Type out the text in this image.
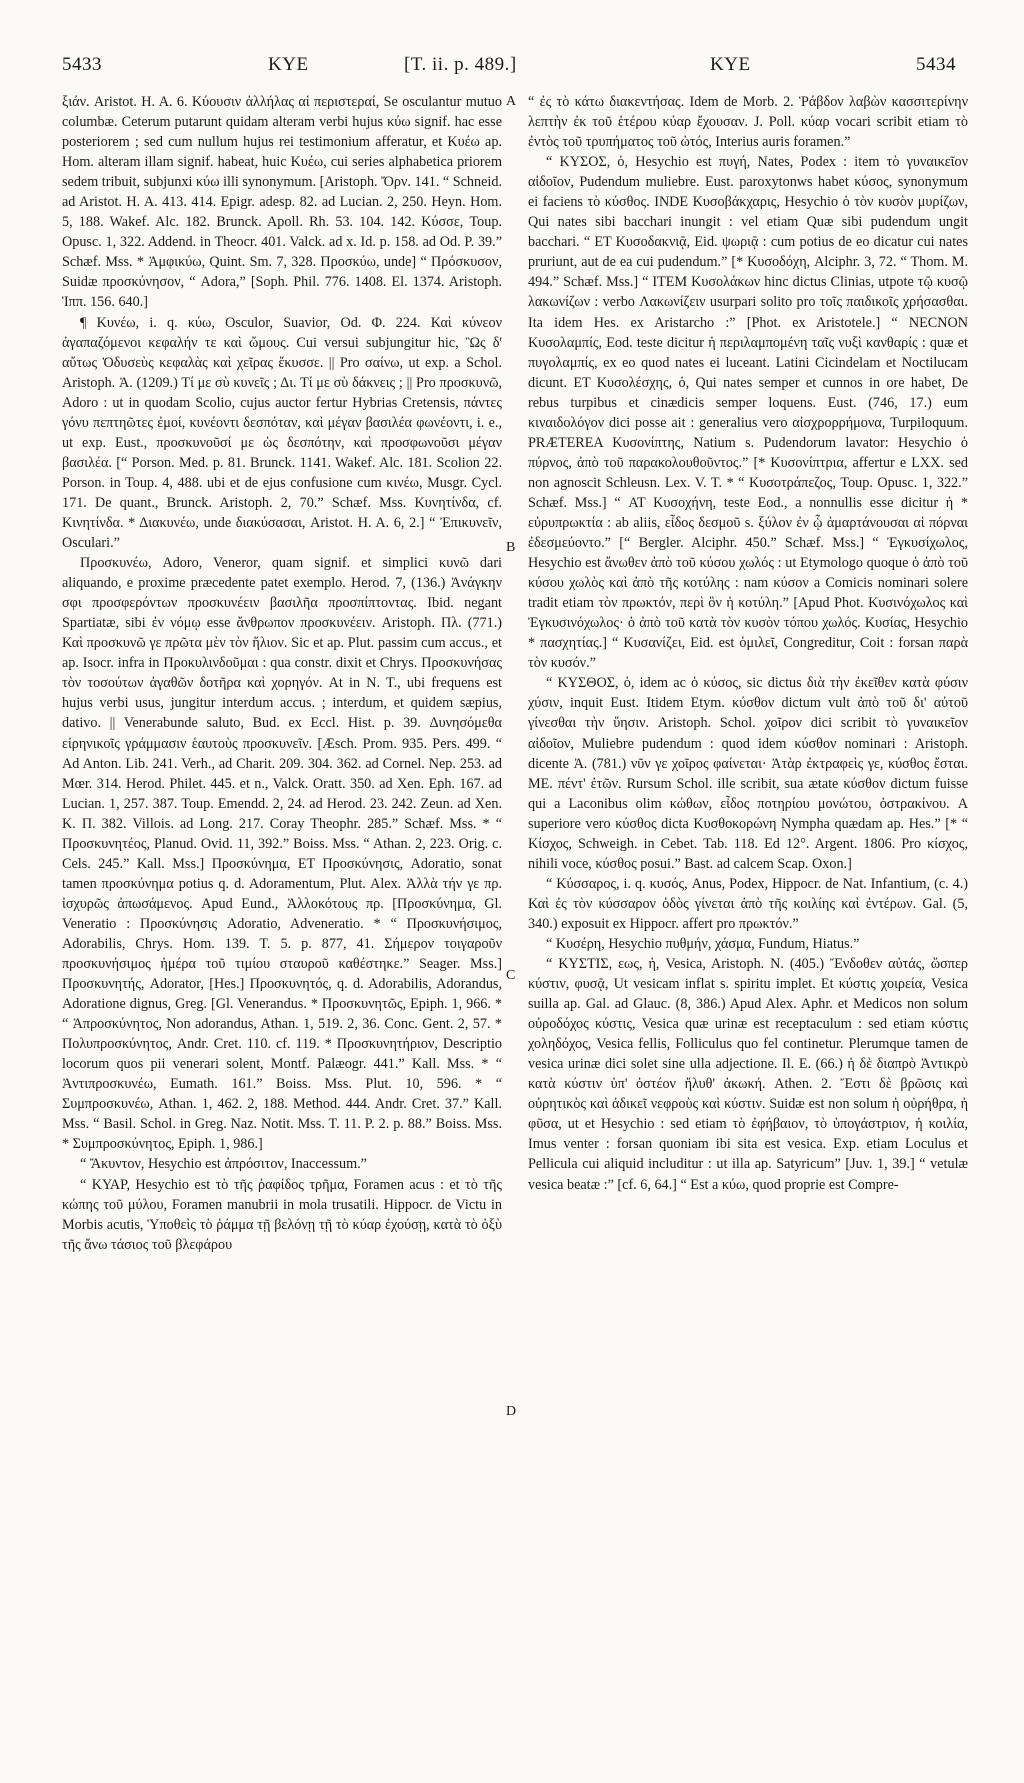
5433	ΚΥΕ	[T. ii. p. 489.]	ΚΥΕ	5434
A
B
C
D

ξιάν. Aristot. H. A. 6. Κύουσιν ἀλλήλας αἱ περιστεραί, Se osculantur mutuo columbæ. Ceterum putarunt quidam alteram verbi hujus κύω signif. hac esse posteriorem ; sed cum nullum hujus rei testimonium afferatur, et Κυέω ap. Hom. alteram illam signif. habeat, huic Κυέω, cui series alphabetica priorem sedem tribuit, subjunxi κύω illi synonymum. [Aristoph. Ὄρν. 141. “ Schneid. ad Aristot. H. A. 413. 414. Epigr. adesp. 82. ad Lucian. 2, 250. Heyn. Hom. 5, 188. Wakef. Alc. 182. Brunck. Apoll. Rh. 53. 104. 142. Κύσσε, Toup. Opusc. 1, 322. Addend. in Theocr. 401. Valck. ad x. Id. p. 158. ad Od. P. 39.” Schæf. Mss. * Ἀμφικύω, Quint. Sm. 7, 328. Προσκύω, unde] “ Πρόσκυσον, Suidæ προσκύνησον, “ Adora,” [Soph. Phil. 776. 1408. El. 1374. Aristoph. Ἱππ. 156. 640.]

¶ Κυνέω, i. q. κύω, Osculor, Suavior, Od. Φ. 224. Καὶ κύνεον ἀγαπαζόμενοι κεφαλήν τε καὶ ὤμους. Cui versui subjungitur hic, Ὣς δ' αὔτως Ὀδυσεὺς κεφαλὰς καὶ χεῖρας ἔκυσσε. || Pro σαίνω, ut exp. a Schol. Aristoph. Ἀ. (1209.) Τί με σὺ κυνεῖς ; Δι. Τί με σὺ δάκνεις ; || Pro προσκυνῶ, Adoro : ut in quodam Scolio, cujus auctor fertur Hybrias Cretensis, πάντες γόνυ πεπτηῶτες ἐμοί, κυνέοντι δεσπόταν, καὶ μέγαν βασιλέα φωνέοντι, i. e., ut exp. Eust., προσκυνοῦσί με ὡς δεσπότην, καὶ προσφωνοῦσι μέγαν βασιλέα. [“ Porson. Med. p. 81. Brunck. 1141. Wakef. Alc. 181. Scolion 22. Porson. in Toup. 4, 488. ubi et de ejus confusione cum κινέω, Musgr. Cycl. 171. De quant., Brunck. Aristoph. 2, 70.” Schæf. Mss. Κυνητίνδα, cf. Κινητίνδα. * Διακυνέω, unde διακύσασαι, Aristot. H. A. 6, 2.] “ Ἐπικυνεῖν, Osculari.”

Προσκυνέω, Adoro, Veneror, quam signif. et simplici κυνῶ dari aliquando, e proxime præcedente patet exemplo. Herod. 7, (136.) Ἀνάγκην σφι προσφερόντων προσκυνέειν βασιλῆα προσπίπτοντας. Ibid. negant Spartiatæ, sibi ἐν νόμῳ esse ἄνθρωπον προσκυνέειν. Aristoph. Πλ. (771.) Καὶ προσκυνῶ γε πρῶτα μὲν τὸν ἥλιον. Sic et ap. Plut. passim cum accus., et ap. Isocr. infra in Προκυλινδοῦμαι : qua constr. dixit et Chrys. Προσκυνήσας τὸν τοσούτων ἀγαθῶν δοτῆρα καὶ χορηγόν. At in N. T., ubi frequens est hujus verbi usus, jungitur interdum accus. ; interdum, et quidem sæpius, dativo. || Venerabunde saluto, Bud. ex Eccl. Hist. p. 39. Δυνησόμεθα εἰρηνικοῖς γράμμασιν ἑαυτοὺς προσκυνεῖν. [Æsch. Prom. 935. Pers. 499. “ Ad Anton. Lib. 241. Verh., ad Charit. 209. 304. 362. ad Cornel. Nep. 253. ad Mœr. 314. Herod. Philet. 445. et n., Valck. Oratt. 350. ad Xen. Eph. 167. ad Lucian. 1, 257. 387. Toup. Emendd. 2, 24. ad Herod. 23. 242. Zeun. ad Xen. K. Π. 382. Villois. ad Long. 217. Coray Theophr. 285.” Schæf. Mss. * “ Προσκυνητέος, Planud. Ovid. 11, 392.” Boiss. Mss. “ Athan. 2, 223. Orig. c. Cels. 245.” Kall. Mss.] Προσκύνημα, ET Προσκύνησις, Adoratio, sonat tamen προσκύνημα potius q. d. Adoramentum, Plut. Alex. Ἀλλὰ τήν γε πρ. ἰσχυρῶς ἀπωσάμενος. Apud Eund., Ἀλλοκότους πρ. [Προσκύνημα, Gl. Veneratio : Προσκύνησις Adoratio, Adveneratio. * “ Προσκυνήσιμος, Adorabilis, Chrys. Hom. 139. T. 5. p. 877, 41. Σήμερον τοιγαροῦν προσκυνήσιμος ἡμέρα τοῦ τιμίου σταυροῦ καθέστηκε.” Seager. Mss.] Προσκυνητής, Adorator, [Hes.] Προσκυνητός, q. d. Adorabilis, Adorandus, Adoratione dignus, Greg. [Gl. Venerandus. * Προσκυνητῶς, Epiph. 1, 966. * “ Ἀπροσκύνητος, Non adorandus, Athan. 1, 519. 2, 36. Conc. Gent. 2, 57. * Πολυπροσκύνητος, Andr. Cret. 110. cf. 119. * Προσκυνητήριον, Descriptio locorum quos pii venerari solent, Montf. Palæogr. 441.” Kall. Mss. * “ Ἀντιπροσκυνέω, Eumath. 161.” Boiss. Mss. Plut. 10, 596. * “ Συμπροσκυνέω, Athan. 1, 462. 2, 188. Method. 444. Andr. Cret. 37.” Kall. Mss. “ Basil. Schol. in Greg. Naz. Notit. Mss. T. 11. P. 2. p. 88.” Boiss. Mss. * Συμπροσκύνητος, Epiph. 1, 986.]

“ Ἄκυντον, Hesychio est ἀπρόσιτον, Inaccessum.”

“ ΚΥΑΡ, Hesychio est τὸ τῆς ῥαφίδος τρῆμα, Foramen acus : et τὸ τῆς κώπης τοῦ μύλου, Foramen manubrii in mola trusatili. Hippocr. de Victu in Morbis acutis, Ὑποθεὶς τὸ ῥάμμα τῇ βελόνῃ τῇ τὸ κύαρ ἐχούσῃ, κατὰ τὸ ὀξὺ τῆς ἄνω τάσιος τοῦ βλεφάρου

“ ἐς τὸ κάτω διακεντήσας. Idem de Morb. 2. Ῥάβδον λαβὼν κασσιτερίνην λεπτὴν ἐκ τοῦ ἑτέρου κύαρ ἔχουσαν. J. Poll. κύαρ vocari scribit etiam τὸ ἐντὸς τοῦ τρυπήματος τοῦ ὠτός, Interius auris foramen.”

“ ΚΥΣΟΣ, ὁ, Hesychio est πυγή, Nates, Podex : item τὸ γυναικεῖον αἰδοῖον, Pudendum muliebre. Eust. paroxytonws habet κύσος, synonymum ei faciens τὸ κύσθος. INDE Κυσοβάκχαρις, Hesychio ὁ τὸν κυσὸν μυρίζων, Qui nates sibi bacchari inungit : vel etiam Quæ sibi pudendum ungit bacchari. “ ET Κυσοδακνιᾷ, Eid. ψωριᾷ : cum potius de eo dicatur cui nates pruriunt, aut de ea cui pudendum.” [* Κυσοδόχη, Alciphr. 3, 72. “ Thom. M. 494.” Schæf. Mss.] “ ITEM Κυσολάκων hinc dictus Clinias, utpote τῷ κυσῷ λακωνίζων : verbo Λακωνίζειν usurpari solito pro τοῖς παιδικοῖς χρήσασθαι. Ita idem Hes. ex Aristarcho :” [Phot. ex Aristotele.] “ NECNON Κυσολαμπίς, Eod. teste dicitur ἡ περιλαμπομένη ταῖς νυξὶ κανθαρίς : quæ et πυγολαμπίς, ex eo quod nates ei luceant. Latini Cicindelam et Noctilucam dicunt. ET Κυσολέσχης, ὁ, Qui nates semper et cunnos in ore habet, De rebus turpibus et cinædicis semper loquens. Eust. (746, 17.) eum κιναιδολόγον dici posse ait : generalius vero αἰσχρορρήμονα, Turpiloquum. PRÆTEREA Κυσονίπτης, Natium s. Pudendorum lavator: Hesychio ὁ πύρνος, ἀπὸ τοῦ παρακολουθοῦντος.” [* Κυσονίπτρια, affertur e LXX. sed non agnoscit Schleusn. Lex. V. T. * “ Κυσοτράπεζος, Toup. Opusc. 1, 322.” Schæf. Mss.] “ AT Κυσοχήνη, teste Eod., a nonnullis esse dicitur ἡ * εὐρυπρωκτία : ab aliis, εἶδος δεσμοῦ s. ξύλον ἐν ᾧ ἁμαρτάνουσαι αἱ πόρναι ἐδεσμεύοντο.” [“ Bergler. Alciphr. 450.” Schæf. Mss.] “ Ἐγκυσίχωλος, Hesychio est ἄνωθεν ἀπὸ τοῦ κύσου χωλός : ut Etymologo quoque ὁ ἀπὸ τοῦ κύσου χωλὸς καὶ ἀπὸ τῆς κοτύλης : nam κύσον a Comicis nominari solere tradit etiam τὸν πρωκτόν, περὶ ὃν ἡ κοτύλη.” [Apud Phot. Κυσινόχωλος καὶ Ἐγκυσινόχωλος· ὁ ἀπὸ τοῦ κατὰ τὸν κυσὸν τόπου χωλός. Κυσίας, Hesychio * πασχητίας.] “ Κυσανίζει, Eid. est ὁμιλεῖ, Congreditur, Coit : forsan παρὰ τὸν κυσόν.”

“ ΚΥΣΘΟΣ, ὁ, idem ac ὁ κύσος, sic dictus διὰ τὴν ἐκεῖθεν κατὰ φύσιν χύσιν, inquit Eust. Itidem Etym. κύσθον dictum vult ἀπὸ τοῦ δι' αὐτοῦ γίνεσθαι τὴν ὕησιν. Aristoph. Schol. χοῖρον dici scribit τὸ γυναικεῖον αἰδοῖον, Muliebre pudendum : quod idem κύσθον nominari : Aristoph. dicente Ἀ. (781.) νῦν γε χοῖρος φαίνεται· Ἀτὰρ ἐκτραφεὶς γε, κύσθος ἔσται. ΜΕ. πέντ' ἐτῶν. Rursum Schol. ille scribit, sua ætate κύσθον dictum fuisse qui a Laconibus olim κώθων, εἶδος ποτηρίου μονώτου, ὀστρακίνου. A superiore vero κύσθος dicta Κυσθοκορώνη Nympha quædam ap. Hes.” [* “ Κίσχος, Schweigh. in Cebet. Tab. 118. Ed 12°. Argent. 1806. Pro κίσχος, nihili voce, κύσθος posui.” Bast. ad calcem Scap. Oxon.]

“ Κύσσαρος, i. q. κυσός, Anus, Podex, Hippocr. de Nat. Infantium, (c. 4.) Καὶ ἐς τὸν κύσσαρον ὁδὸς γίνεται ἀπὸ τῆς κοιλίης καὶ ἐντέρων. Gal. (5, 340.) exposuit ex Hippocr. affert pro πρωκτόν.”

“ Κυσέρη, Hesychio πυθμήν, χάσμα, Fundum, Hiatus.”

“ ΚΥΣΤΙΣ, εως, ἡ, Vesica, Aristoph. N. (405.) Ἔνδοθεν αὐτάς, ὥσπερ κύστιν, φυσᾷ, Ut vesicam inflat s. spiritu implet. Et κύστις χοιρεία, Vesica suilla ap. Gal. ad Glauc. (8, 386.) Apud Alex. Aphr. et Medicos non solum οὐροδόχος κύστις, Vesica quæ urinæ est receptaculum : sed etiam κύστις χοληδόχος, Vesica fellis, Folliculus quo fel continetur. Plerumque tamen de vesica urinæ dici solet sine ulla adjectione. Il. E. (66.) ἡ δὲ διαπρὸ Ἀντικρὺ κατὰ κύστιν ὑπ' ὀστέον ἤλυθ' ἀκωκή. Athen. 2. Ἔστι δὲ βρῶσις καὶ οὐρητικὸς καὶ ἀδικεῖ νεφροὺς καὶ κύστιν. Suidæ est non solum ἡ οὐρήθρα, ἡ φῦσα, ut et Hesychio : sed etiam τὸ ἐφήβαιον, τὸ ὑπογάστριον, ἡ κοιλία, Imus venter : forsan quoniam ibi sita est vesica. Exp. etiam Loculus et Pellicula cui aliquid includitur : ut illa ap. Satyricum” [Juv. 1, 39.] “ vetulæ vesica beatæ :” [cf. 6, 64.] “ Est a κύω, quod proprie est Compre-
